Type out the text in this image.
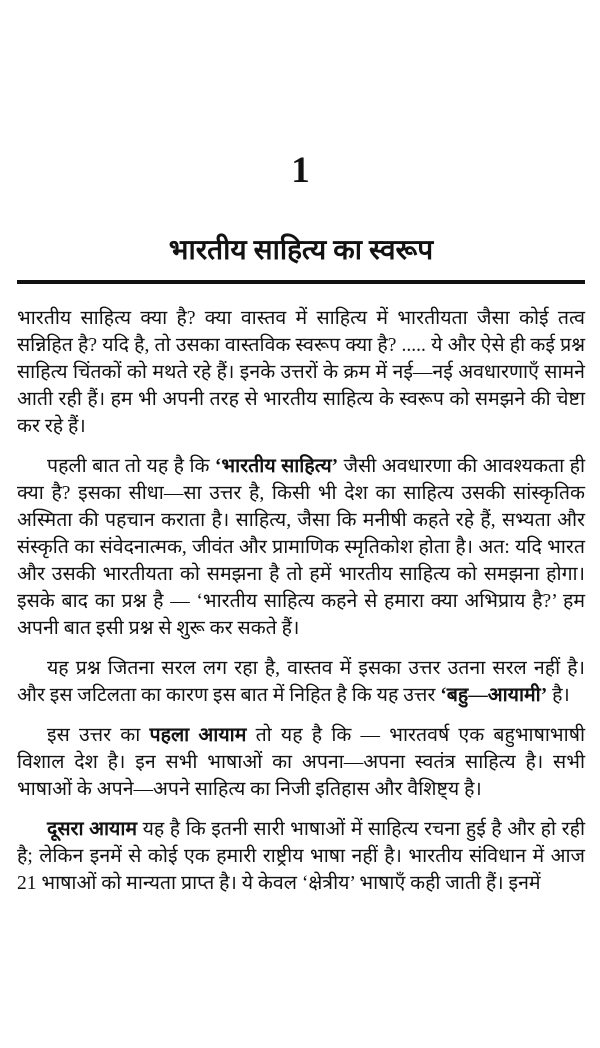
1
भारतीय साहित्य का स्वरूप

भारतीय साहित्य क्या है? क्या वास्तव में साहित्य में भारतीयता जैसा कोई तत्व सन्निहित है? यदि है, तो उसका वास्तविक स्वरूप क्या है? ..... ये और ऐसे ही कई प्रश्न साहित्य चिंतकों को मथते रहे हैं। इनके उत्तरों के क्रम में नई—नई अवधारणाएँ सामने आती रही हैं। हम भी अपनी तरह से भारतीय साहित्य के स्वरूप को समझने की चेष्टा कर रहे हैं।

पहली बात तो यह है कि ‘भारतीय साहित्य’ जैसी अवधारणा की आवश्यकता ही क्या है? इसका सीधा—सा उत्तर है, किसी भी देश का साहित्य उसकी सांस्कृतिक अस्मिता की पहचान कराता है। साहित्य, जैसा कि मनीषी कहते रहे हैं, सभ्यता और संस्कृति का संवेदनात्मक, जीवंत और प्रामाणिक स्मृतिकोश होता है। अत: यदि भारत और उसकी भारतीयता को समझना है तो हमें भारतीय साहित्य को समझना होगा। इसके बाद का प्रश्न है — ‘भारतीय साहित्य कहने से हमारा क्या अभिप्राय है?’ हम अपनी बात इसी प्रश्न से शुरू कर सकते हैं।

यह प्रश्न जितना सरल लग रहा है, वास्तव में इसका उत्तर उतना सरल नहीं है। और इस जटिलता का कारण इस बात में निहित है कि यह उत्तर ‘बहु—आयामी’ है।

इस उत्तर का पहला आयाम तो यह है कि — भारतवर्ष एक बहुभाषाभाषी विशाल देश है। इन सभी भाषाओं का अपना—अपना स्वतंत्र साहित्य है। सभी भाषाओं के अपने—अपने साहित्य का निजी इतिहास और वैशिष्ट्य है।

दूसरा आयाम यह है कि इतनी सारी भाषाओं में साहित्य रचना हुई है और हो रही है; लेकिन इनमें से कोई एक हमारी राष्ट्रीय भाषा नहीं है। भारतीय संविधान में आज 21 भाषाओं को मान्यता प्राप्त है। ये केवल ‘क्षेत्रीय’ भाषाएँ कही जाती हैं। इनमें
